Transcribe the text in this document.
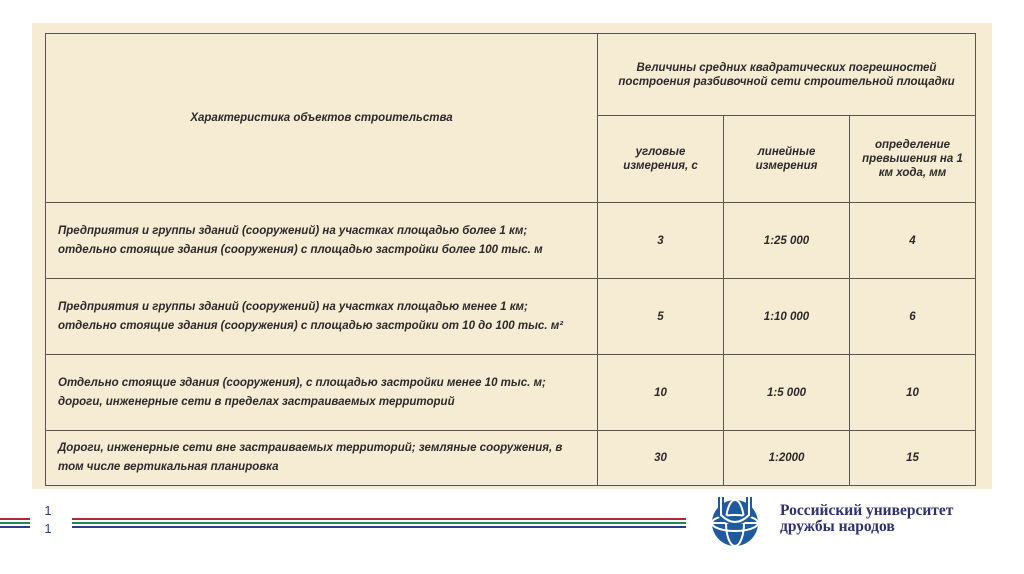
Характеристика объектов строительства	Величины средних квадратических погрешностей построения разбивочной сети строительной площадки		
	угловые измерения, с	линейные измерения	определение превышения на 1 км хода, мм
Предприятия и группы зданий (сооружений) на участках площадью более 1 км; отдельно стоящие здания (сооружения) с площадью застройки более 100 тыс. м	3	1:25 000	4
Предприятия и группы зданий (сооружений) на участках площадью менее 1 км; отдельно стоящие здания (сооружения) с площадью застройки от 10 до 100 тыс. м²	5	1:10 000	6
Отдельно стоящие здания (сооружения), с площадью застройки менее 10 тыс. м; дороги, инженерные сети в пределах застраиваемых территорий	10	1:5 000	10
Дороги, инженерные сети вне застраиваемых территорий; земляные сооружения, в том числе вертикальная планировка	30	1:2000	15
1
1
Российский университет
дружбы народов
